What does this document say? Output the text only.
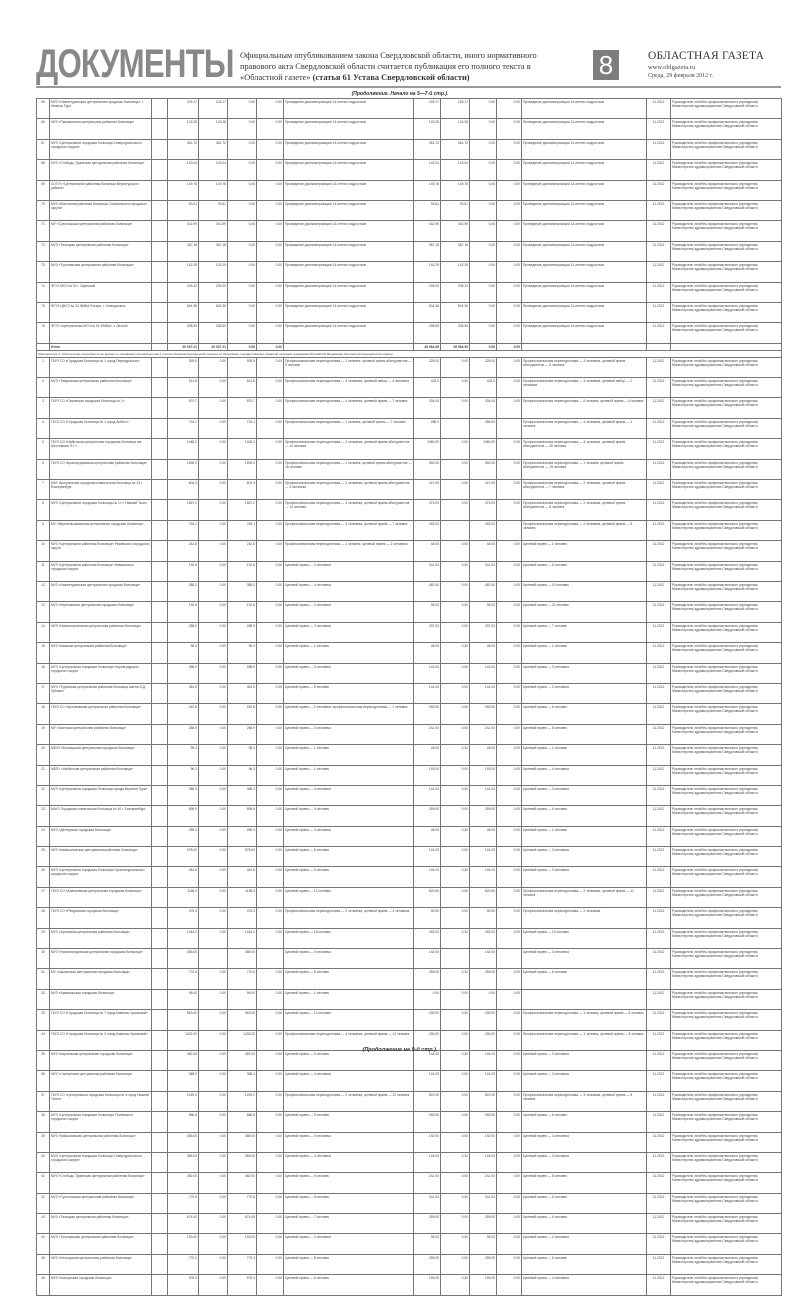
ДОКУМЕНТЫ Официальным опубликованием закона Свердловской области, иного нормативного правового акта Свердловской области считается публикация его полного текста в «Областной газете» (статья 61 Устава Свердловской области)	8	ОБЛАСТНАЯ ГАЗЕТА
www.oblgazeta.ru
Среда, 29 февраля 2012 г.
(Продолжение. Начало на 5—7-й стр.).
65	МУЗ «Нижнетуринская центральная городская больница», г. Нижняя Тура		226.17	226.17	0.00	0.00	Проведение диспансеризации 14-летних подростков	226.17	226.17	0.00	0.00	Проведение диспансеризации 14-летних подростков	11.2012	Руководитель лечебно-профилактического учреждения, Министерство здравоохранения Свердловской области
66	МУЗ «Пышминская центральная районная больница»		143.28	143.28	0.00	0.00	Проведение диспансеризации 14-летних подростков	143.28	143.28	0.00	0.00	Проведение диспансеризации 14-летних подростков	11.2012	Руководитель лечебно-профилактического учреждения, Министерство здравоохранения Свердловской области
67	МУЗ «Центральная городская больница Североуральского городского округа»		361.72	361.72	0.00	0.00	Проведение диспансеризации 14-летних подростков	361.72	361.72	0.00	0.00	Проведение диспансеризации 14-летних подростков	11.2012	Руководитель лечебно-профилактического учреждения, Министерство здравоохранения Свердловской области
68	МУЗ «Слободо-Туринская центральная районная больница»		143.04	143.04	0.00	0.00	Проведение диспансеризации 14-летних подростков	143.04	143.04	0.00	0.00	Проведение диспансеризации 14-летних подростков	11.2012	Руководитель лечебно-профилактического учреждения, Министерство здравоохранения Свердловской области
69	СОГУЗ «Центральная районная больница Верхотурского района»		149.78	149.78	0.00	0.00	Проведение диспансеризации 14-летних подростков	149.78	149.78	0.00	0.00	Проведение диспансеризации 14-летних подростков	11.2012	Руководитель лечебно-профилактического учреждения, Министерство здравоохранения Свердловской области
70	МУЗ «Восточная районная больница Сосьвинского городского округа»		93.61	93.61	0.00	0.00	Проведение диспансеризации 14-летних подростков	93.61	93.61	0.00	0.00	Проведение диспансеризации 14-летних подростков	11.2012	Руководитель лечебно-профилактического учреждения, Министерство здравоохранения Свердловской области
71	МУ «Сухоложская центральная районная больница»		342.99	342.99	0.00	0.00	Проведение диспансеризации 14-летних подростков	342.99	342.99	0.00	0.00	Проведение диспансеризации 14-летних подростков	11.2012	Руководитель лечебно-профилактического учреждения, Министерство здравоохранения Свердловской области
72	МУЗ «Талицкая центральная районная больница»		367.18	367.18	0.00	0.00	Проведение диспансеризации 14-летних подростков	367.18	367.18	0.00	0.00	Проведение диспансеризации 14-летних подростков	11.2012	Руководитель лечебно-профилактического учреждения, Министерство здравоохранения Свердловской области
73	МУЗ «Тугулымская центральная районная больница»		142.29	142.29	0.00	0.00	Проведение диспансеризации 14-летних подростков	142.29	142.29	0.00	0.00	Проведение диспансеризации 14-летних подростков	11.2012	Руководитель лечебно-профилактического учреждения, Министерство здравоохранения Свердловской области
74	ФГУЗ МСЧ № 32 г. Заречный		205.20	205.20	0.00	0.00	Проведение диспансеризации 14-летних подростков	205.20	205.20	0.00	0.00	Проведение диспансеризации 14-летних подростков	11.2012	Руководитель лечебно-профилактического учреждения, Министерство здравоохранения Свердловской области
75	ФГУЗ ЦМСЧ № 31 ФМБА России, г. Новоуральск		604.36	604.36	0.00	0.00	Проведение диспансеризации 14-летних подростков	604.36	604.36	0.00	0.00	Проведение диспансеризации 14-летних подростков	11.2012	Руководитель лечебно-профилактического учреждения, Министерство здравоохранения Свердловской области
76	ФГУЗ «Центральная МСЧ № 91 ФМБА», г. Лесной		338.50	338.50	0.00	0.00	Проведение диспансеризации 14-летних подростков	338.50	338.50	0.00	0.00	Проведение диспансеризации 14-летних подростков	11.2012	Руководитель лечебно-профилактического учреждения, Министерство здравоохранения Свердловской области
	Итого		29 037.21	29 037.21	0.00	0.00		28 964.39	28 964.39	0.00	0.00			
Мероприятие 4. Обеспечение потребности во врачах по основным специальностям с учетом объемов медицинской помощи по Программе государственных гарантий оказания гражданам Российской Федерации бесплатной медицинской помощи														
1	ГБУЗ СО «Городская больница № 1 город Первоуральск»		929.5	0.00	929.5	0.00	Профессиональная переподготовка — 1 человек, целевой прием абитуриентов — 9 человек	328.00	0.00	328.00	0.00	Профессиональная переподготовка — 3 человека, целевой прием абитуриентов — 6 человек	11.2012	Руководитель лечебно-профилактического учреждения, Министерство здравоохранения Свердловской области
2	МУЗ «Тавдинская центральная районная больница»		512.8	0.00	512.8	0.00	Профессиональная переподготовка — 3 человека, целевой набор — 4 человека	433.0	0.00	433.0	0.00	Профессиональная переподготовка — 4 человека, целевой набор — 2 человека	11.2012	Руководитель лечебно-профилактического учреждения, Министерство здравоохранения Свердловской области
3	ГБУЗ СО «Серовская городская больница № 1»		870.7	0.00	870.7	0.00	Профессиональная переподготовка — 4 человека, целевой прием — 7 человек	334.00	0.00	334.00	0.00	Профессиональная переподготовка — 5 человек, целевой прием — 6 человек	11.2012	Руководитель лечебно-профилактического учреждения, Министерство здравоохранения Свердловской области
4	ГБУЗ СО «Городская больница № 1 город Асбест»		724.1	0.00	724.1	0.00	Профессиональная переподготовка — 1 человек, целевой прием — 7 человек	286.0		286.00		Профессиональная переподготовка — 4 человека, целевой прием — 1 человек	11.2012	Руководитель лечебно-профилактического учреждения, Министерство здравоохранения Свердловской области
5	ГБУЗ СО «Ирбитская центральная городская больница им. Шестовских Л.Г.»		1448.2	0.00	1448.2	0.00	Профессиональная переподготовка — 2 человека, целевой прием абитуриентов — 14 человек	1060.00	0.00	1060.00	0.00	Профессиональная переподготовка — 3 человека, целевой прием абитуриентов — 30 человек	11.2012	Руководитель лечебно-профилактического учреждения, Министерство здравоохранения Свердловской области
6	ГБУЗ СО «Красноуфимская центральная районная больница»		1590.0	0.00	1590.0	0.00	Профессиональная переподготовка — 1 человек, целевой прием абитуриентов — 16 человек	960.00	0.00	960.00	0.00	Профессиональная переподготовка — 1 человек, целевой прием абитуриентов — 19 человек	11.2012	Руководитель лечебно-профилактического учреждения, Министерство здравоохранения Свердловской области
7	МБУ Центральная городская клиническая больница № 23 г. Екатеринбург		604.3	0.00	604.3	0.00	Профессиональная переподготовка — 2 человека, целевой прием абитуриентов — 3 человека	427.00	0.00	427.00	0.00	Профессиональная переподготовка — 2 человека, целевой прием абитуриентов — 7 человек	11.2012	Руководитель лечебно-профилактического учреждения, Министерство здравоохранения Свердловской области
8	МУЗ «Центральная городская больница № 1» г. Нижний Тагил		1567.2	0.00	1567.2	0.00	Профессиональная переподготовка — 4 человека, целевой прием абитуриентов — 14 человек	475.00	0.00	475.00	0.00	Профессиональная переподготовка — 2 человека, целевой прием абитуриентов — 8 человек	11.2012	Руководитель лечебно-профилактического учреждения, Министерство здравоохранения Свердловской области
9	МУ «Верхнепышминская центральная городская больница»		764.1	0.00	764.1	0.00	Профессиональная переподготовка — 3 человека, целевой прием — 7 человек	482.00		482.00		Профессиональная переподготовка — 2 человека, целевой прием — 5 человек	11.2012	Руководитель лечебно-профилактического учреждения, Министерство здравоохранения Свердловской области
10	МУЗ «Центральная районная больница» Режевского городского округа		242.8	0.00	242.8	0.00	Профессиональная переподготовка — 1 человек, целевой прием — 2 человека	48.00	0.00	48.00	0.00	Целевой прием — 1 человек	11.2012	Руководитель лечебно-профилактического учреждения, Министерство здравоохранения Свердловской области
11	МУЗ «Центральная районная больница» Невьянского городского округа		192.6	0.00	192.6	0.00	Целевой прием — 2 человека	241.00	0.00	241.00	0.00	Целевой прием — 5 человек	11.2012	Руководитель лечебно-профилактического учреждения, Министерство здравоохранения Свердловской области
12	МУЗ «Нижнетуринская центральная городская больница»		385.2	0.00	385.2	0.00	Целевой прием — 4 человека	482.00	0.00	482.00	0.00	Целевой прием — 10 человек	11.2012	Руководитель лечебно-профилактического учреждения, Министерство здравоохранения Свердловской области
13	МУЗ «Березовская центральная городская больница»		192.6	0.00	192.6	0.00	Целевой прием — 2 человека	96.00	0.00	96.00	0.00	Целевой прием — 21 человек	11.2012	Руководитель лечебно-профилактического учреждения, Министерство здравоохранения Свердловской области
14	МУЗ «Нижнесергинская центральная районная больница»		288.9	0.00	288.9	0.00	Целевой прием — 3 человека	337.00	0.00	337.00	0.00	Целевой прием — 7 человек	11.2012	Руководитель лечебно-профилактического учреждения, Министерство здравоохранения Свердловской области
15	МУЗ «Камская центральная районная больница»		96.3	0.00	96.3	0.00	Целевой прием — 1 человек	48.00	0.00	48.00	0.00	Целевой прием — 1 человек	11.2012	Руководитель лечебно-профилактического учреждения, Министерство здравоохранения Свердловской области
16	МУЗ «Центральная городская больница» Кировградского городского округа		288.9	0.00	288.9	0.00	Целевой прием — 3 человека	144.00	0.00	144.00	0.00	Целевой прием — 3 человека	11.2012	Руководитель лечебно-профилактического учреждения, Министерство здравоохранения Свердловской области
17	МУЗ «Туринская центральная районная больница имени О.Д. Зубова»		481.5	0.00	481.5	0.00	Целевой прием — 5 человек	144.00	0.00	144.00	0.00	Целевой прием — 3 человека	11.2012	Руководитель лечебно-профилактического учреждения, Министерство здравоохранения Свердловской области
18	ГБУЗ СО «Артемовская центральная районная больница»		242.8	0.00	242.8	0.00	Целевой прием — 2 человека, профессиональная переподготовка — 1 человек	289.00	0.00	289.00	0.00	Целевой прием — 6 человек	11.2012	Руководитель лечебно-профилактического учреждения, Министерство здравоохранения Свердловской области
19	МУ «Ачитская центральная районная больница»		288.9	0.00	288.9	0.00	Целевой прием — 3 человека	241.00	0.00	241.00	0.00	Целевой прием — 5 человек	11.2012	Руководитель лечебно-профилактического учреждения, Министерство здравоохранения Свердловской области
20	МБУЗ «Белоярская центральная городская больница»		96.3	0.00	96.3	0.00	Целевой прием — 1 человек	48.00	0.00	48.00	0.00	Целевой прием — 1 человек	11.2012	Руководитель лечебно-профилактического учреждения, Министерство здравоохранения Свердловской области
21	МБПУ «Ирбитская центральная районная больница»		96.3	0.00	96.3	0.00	Целевой прием — 1 человек	193.00	0.00	193.00	0.00	Целевой прием — 4 человека	11.2012	Руководитель лечебно-профилактического учреждения, Министерство здравоохранения Свердловской области
22	МУЗ «Центральная городская больница города Верхняя Тура»		385.3	0.00	385.3	0.00	Целевой прием — 4 человека	144.00	0.00	144.00	0.00	Целевой прием — 3 человека	11.2012	Руководитель лечебно-профилактического учреждения, Министерство здравоохранения Свердловской области
23	МАУЗ Городская клиническая больница № 40 г. Екатеринбург		899.9	0.00	899.9	0.00	Целевой прием — 9 человек	289.00	0.00	289.00	0.00	Целевой прием — 6 человек	11.2012	Руководитель лечебно-профилактического учреждения, Министерство здравоохранения Свердловской области
24	МУЗ «Дегтярская городская больница»		289.3	0.00	289.3	0.00	Целевой прием — 3 человека	48.00	0.00	48.00	0.00	Целевой прием — 1 человек	11.2012	Руководитель лечебно-профилактического учреждения, Министерство здравоохранения Свердловской области
25	МУЗ «Камышловская центральная районная больница»		578.00	0.00	578.00	0.00	Целевой прием — 6 человек	144.00	0.00	144.00	0.00	Целевой прием — 3 человека	11.2012	Руководитель лечебно-профилактического учреждения, Министерство здравоохранения Свердловской области
26	МУЗ «Центральная городская больница» Краснотурьинского городского округа		481.6	0.00	481.6	0.00	Целевой прием — 5 человек	144.00	0.00	144.00	0.00	Целевой прием — 3 человека	11.2012	Руководитель лечебно-профилактического учреждения, Министерство здравоохранения Свердловской области
27	ГБУЗ СО «Алапаевская центральная городская больница»		1155.3	0.00	1155.3	0.00	Целевой прием — 12 человек	620.00	0.00	620.00	0.00	Профессиональная переподготовка — 2 человека, целевой прием — 11 человек	11.2012	Руководитель лечебно-профилактического учреждения, Министерство здравоохранения Свердловской области
28	ГБУЗ СО «Ревдинская городская больница»		475.3	0.00	475.3	0.00	Профессиональная переподготовка — 2 человека, целевой прием — 4 человека	90.00	0.00	90.00	0.00	Профессиональная переподготовка — 2 человека	11.2012	Руководитель лечебно-профилактического учреждения, Министерство здравоохранения Свердловской области
29	МУЗ «Артинская центральная районная больница»		1444.2	0.00	1444.2	0.00	Целевой прием — 15 человек	482.00	0.00	482.00	0.00	Целевой прием — 10 человек	11.2012	Руководитель лечебно-профилактического учреждения, Министерство здравоохранения Свердловской области
30	МУЗ «Нижнесалдинская центральная городская больница»		385.00		385.00		Целевой прием — 4 человека	144.00		144.00		Целевой прием — 3 человека	11.2012	Руководитель лечебно-профилактического учреждения, Министерство здравоохранения Свердловской области
31	МУ «Шалинская центральная городская больница»		770.6	0.00	770.6	0.00	Целевой прием — 8 человек	289.00	0.00	289.00	0.00	Целевой прием — 6 человек	11.2012	Руководитель лечебно-профилактического учреждения, Министерство здравоохранения Свердловской области
32	МУЗ «Арамильская городская больница»		96.00	0.00	96.00	0.00	Целевой прием — 1 человек	0.00	0.00	0.00	0.00		11.2012	Руководитель лечебно-профилактического учреждения, Министерство здравоохранения Свердловской области
33	ГБУЗ СО «Городская больница № 7 город Каменск-Уральский»		963.00	0.00	963.00	0.00	Целевой прием — 10 человек	430.00	0.00	430.00	0.00	Профессиональная переподготовка — 1 человек, целевой прием — 8 человек	11.2012	Руководитель лечебно-профилактического учреждения, Министерство здравоохранения Свердловской области
34	ГБУЗ СО «Городская больница № 3 город Каменск-Уральский»		1432.00	0.00	1432.00	0.00	Профессиональная переподготовка — 4 человека, целевой прием — 13 человек	430.00	0.00	430.00	0.00	Профессиональная переподготовка — 1 человек, целевой прием — 8 человек	11.2012	Руководитель лечебно-профилактического учреждения, Министерство здравоохранения Свердловской области
35	МУЗ «Карпинская центральная городская больница»		482.00	0.00	482.00	0.00	Целевой прием — 5 человек	144.00	0.00	144.00	0.00	Целевой прием — 3 человека	11.2012	Руководитель лечебно-профилактического учреждения, Министерство здравоохранения Свердловской области
36	МУЗ «Сысертская центральная районная больница»		385.3	0.00	385.3	0.00	Целевой прием — 4 человека	144.00	0.00	144.00	0.00	Целевой прием — 3 человека	11.2012	Руководитель лечебно-профилактического учреждения, Министерство здравоохранения Свердловской области
37	ГБУЗ СО «Центральная городская больница № 4 город Нижний Тагил»		1249.2	0.00	1249.2	0.00	Профессиональная переподготовка — 2 человека, целевой прием — 12 человек	520.00	0.00	520.00	0.00	Профессиональная переподготовка — 3 человека, целевой прием — 8 человек	11.2012	Руководитель лечебно-профилактического учреждения, Министерство здравоохранения Свердловской области
38	МУЗ «Центральная городская больница» Полевского городского округа		866.8	0.00	866.8	0.00	Целевой прием — 9 человек	289.00	0.00	289.00	0.00	Целевой прием — 6 человек	11.2012	Руководитель лечебно-профилактического учреждения, Министерство здравоохранения Свердловской области
39	МУЗ «Байкаловская центральная районная больница»		385.00	0.00	385.00	0.00	Целевой прием — 4 человека	192.00	0.00	192.00	0.00	Целевой прием — 4 человека	11.2012	Руководитель лечебно-профилактического учреждения, Министерство здравоохранения Свердловской области
40	МУЗ «Центральная городская больница Североуральского городского округа»		385.00	0.00	385.00	0.00	Целевой прием — 4 человека	144.00	0.00	144.00	0.00	Целевой прием — 3 человека	11.2012	Руководитель лечебно-профилактического учреждения, Министерство здравоохранения Свердловской области
41	МУЗ «Слободо-Туринская центральная районная больница»		482.00	0.00	482.00	0.00	Целевой прием — 5 человек	241.00	0.00	241.00	0.00	Целевой прием — 5 человек	11.2012	Руководитель лечебно-профилактического учреждения, Министерство здравоохранения Свердловской области
42	МУЗ «Сухоложская центральная районная больница»		770.6	0.00	770.6	0.00	Целевой прием — 8 человек	241.00	0.00	241.00	0.00	Целевой прием — 5 человек	11.2012	Руководитель лечебно-профилактического учреждения, Министерство здравоохранения Свердловской области
43	МУЗ «Талицкая центральная районная больница»		674.00	0.00	674.00	0.00	Целевой прием — 7 человек	289.00	0.00	289.00	0.00	Целевой прием — 6 человек	11.2012	Руководитель лечебно-профилактического учреждения, Министерство здравоохранения Свердловской области
44	МУЗ «Тугулымская центральная районная больница»		193.00	0.00	193.00	0.00	Целевой прием — 2 человека	96.00	0.00	96.00	0.00	Целевой прием — 2 человека	11.2012	Руководитель лечебно-профилактического учреждения, Министерство здравоохранения Свердловской области
45	МУЗ «Белоярская центральная районная больница»		770.3	0.00	770.3	0.00	Целевой прием — 8 человек	289.00	0.00	289.00	0.00	Целевой прием — 6 человек	11.2012	Руководитель лечебно-профилактического учреждения, Министерство здравоохранения Свердловской области
46	МУЗ «Бисертская городская больница»		578.3	0.00	578.3	0.00	Целевой прием — 6 человек	193.00	0.00	193.00	0.00	Целевой прием — 4 человека	11.2012	Руководитель лечебно-профилактического учреждения, Министерство здравоохранения Свердловской области
(Продолжение на 9-й стр.).
